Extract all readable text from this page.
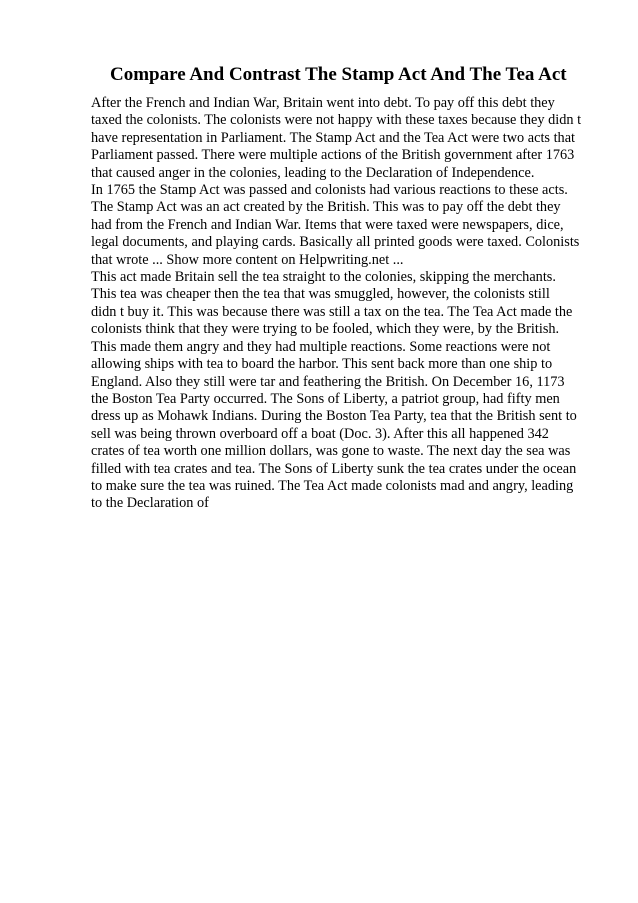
Compare And Contrast The Stamp Act And The Tea Act
After the French and Indian War, Britain went into debt. To pay off this debt they
taxed the colonists. The colonists were not happy with these taxes because they didn t
have representation in Parliament. The Stamp Act and the Tea Act were two acts that
Parliament passed. There were multiple actions of the British government after 1763
that caused anger in the colonies, leading to the Declaration of Independence.
In 1765 the Stamp Act was passed and colonists had various reactions to these acts.
The Stamp Act was an act created by the British. This was to pay off the debt they
had from the French and Indian War. Items that were taxed were newspapers, dice,
legal documents, and playing cards. Basically all printed goods were taxed. Colonists
that wrote ... Show more content on Helpwriting.net ...
This act made Britain sell the tea straight to the colonies, skipping the merchants.
This tea was cheaper then the tea that was smuggled, however, the colonists still
didn t buy it. This was because there was still a tax on the tea. The Tea Act made the
colonists think that they were trying to be fooled, which they were, by the British.
This made them angry and they had multiple reactions. Some reactions were not
allowing ships with tea to board the harbor. This sent back more than one ship to
England. Also they still were tar and feathering the British. On December 16, 1173
the Boston Tea Party occurred. The Sons of Liberty, a patriot group, had fifty men
dress up as Mohawk Indians. During the Boston Tea Party, tea that the British sent to
sell was being thrown overboard off a boat (Doc. 3). After this all happened 342
crates of tea worth one million dollars, was gone to waste. The next day the sea was
filled with tea crates and tea. The Sons of Liberty sunk the tea crates under the ocean
to make sure the tea was ruined. The Tea Act made colonists mad and angry, leading
to the Declaration of
